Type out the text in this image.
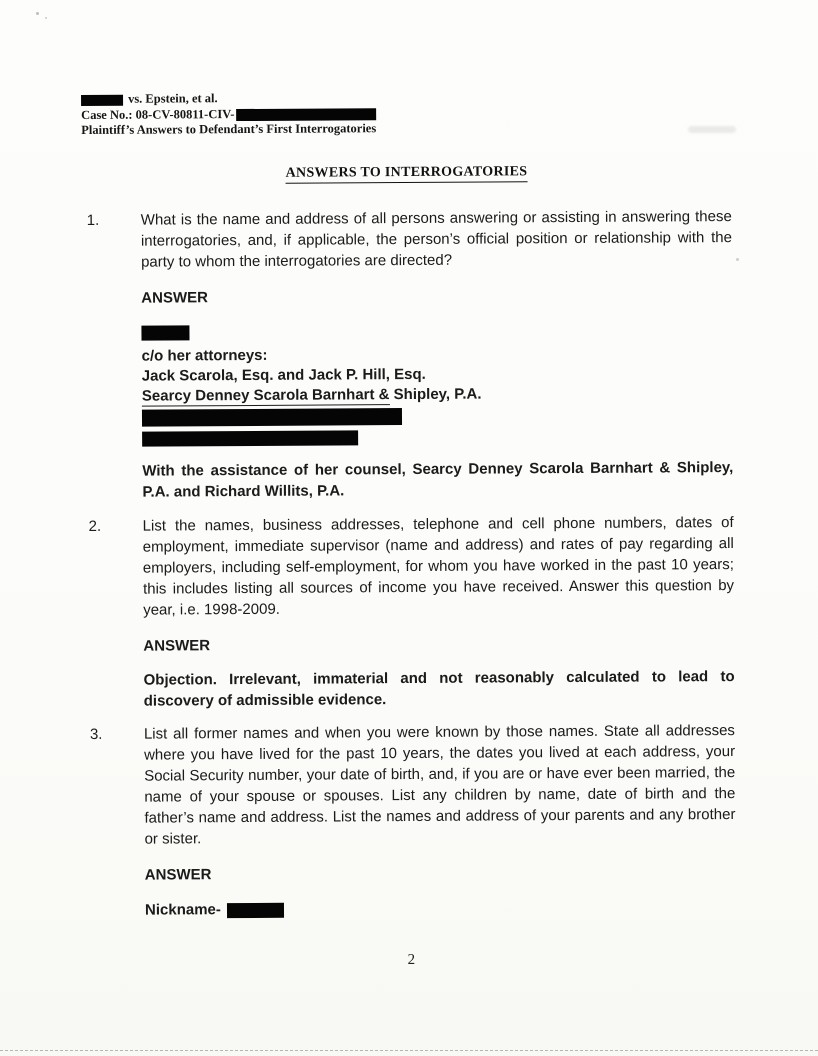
vs. Epstein, et al.
Case No.: 08-CV-80811-CIV-
Plaintiff’s Answers to Defendant’s First Interrogatories
ANSWERS TO INTERROGATORIES
1.	What is the name and address of all persons answering or assisting in answering these interrogatories, and, if applicable, the person’s official position or relationship with the party to whom the interrogatories are directed?

ANSWER

c/o her attorneys:
Jack Scarola, Esq. and Jack P. Hill, Esq.
Searcy Denney Scarola Barnhart & Shipley, P.A.

With the assistance of her counsel, Searcy Denney Scarola Barnhart & Shipley, P.A. and Richard Willits, P.A.

2.	List the names, business addresses, telephone and cell phone numbers, dates of employment, immediate supervisor (name and address) and rates of pay regarding all employers, including self-employment, for whom you have worked in the past 10 years; this includes listing all sources of income you have received. Answer this question by year, i.e. 1998-2009.

ANSWER

Objection. Irrelevant, immaterial and not reasonably calculated to lead to discovery of admissible evidence.

3.	List all former names and when you were known by those names. State all addresses where you have lived for the past 10 years, the dates you lived at each address, your Social Security number, your date of birth, and, if you are or have ever been married, the name of your spouse or spouses. List any children by name, date of birth and the father’s name and address. List the names and address of your parents and any brother or sister.

ANSWER

Nickname-

2
